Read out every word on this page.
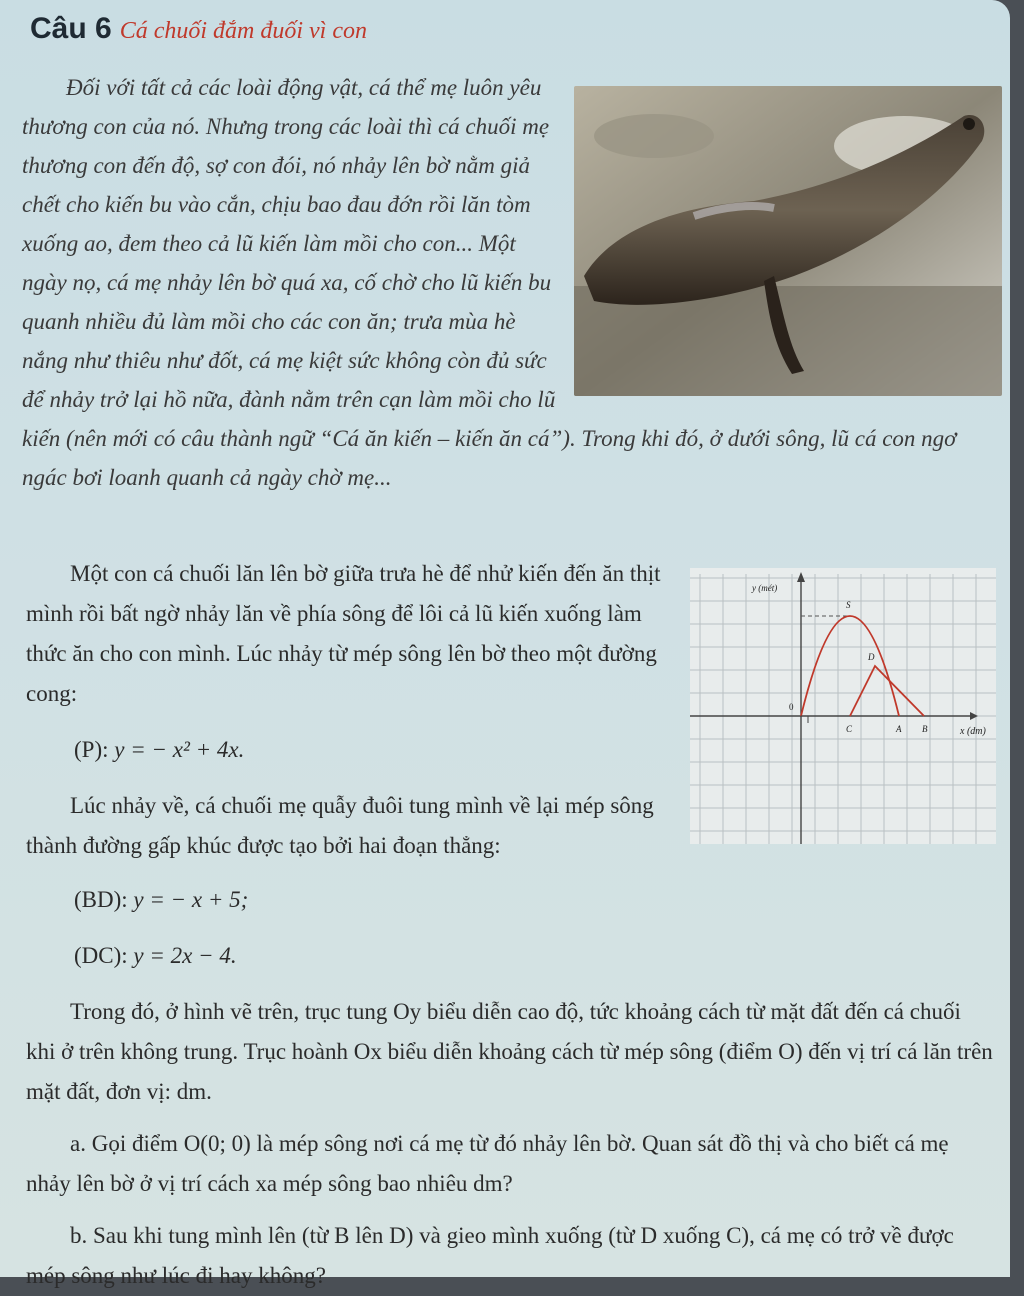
Câu 6 Cá chuối đắm đuối vì con

Đối với tất cả các loài động vật, cá thể mẹ luôn yêu thương con của nó. Nhưng trong các loài thì cá chuối mẹ thương con đến độ, sợ con đói, nó nhảy lên bờ nằm giả chết cho kiến bu vào cắn, chịu bao đau đớn rồi lăn tòm xuống ao, đem theo cả lũ kiến làm mồi cho con... Một ngày nọ, cá mẹ nhảy lên bờ quá xa, cố chờ cho lũ kiến bu quanh nhiều đủ làm mồi cho các con ăn; trưa mùa hè nắng như thiêu như đốt, cá mẹ kiệt sức không còn đủ sức để nhảy trở lại hồ nữa, đành nằm trên cạn làm mồi cho lũ kiến (nên mới có câu thành ngữ “Cá ăn kiến – kiến ăn cá”). Trong khi đó, ở dưới sông, lũ cá con ngơ ngác bơi loanh quanh cả ngày chờ mẹ...

Một con cá chuối lăn lên bờ giữa trưa hè để nhử kiến đến ăn thịt mình rồi bất ngờ nhảy lăn về phía sông để lôi cả lũ kiến xuống làm thức ăn cho con mình. Lúc nhảy từ mép sông lên bờ theo một đường cong:

(P): y = − x² + 4x.

Lúc nhảy về, cá chuối mẹ quẫy đuôi tung mình về lại mép sông thành đường gấp khúc được tạo bởi hai đoạn thẳng:

y (mét)
x (dm)
0
S
D
C	A B

(BD): y = − x + 5;

(DC): y = 2x − 4.

Trong đó, ở hình vẽ trên, trục tung Oy biểu diễn cao độ, tức khoảng cách từ mặt đất đến cá chuối khi ở trên không trung. Trục hoành Ox biểu diễn khoảng cách từ mép sông (điểm O) đến vị trí cá lăn trên mặt đất, đơn vị: dm.

a. Gọi điểm O(0; 0) là mép sông nơi cá mẹ từ đó nhảy lên bờ. Quan sát đồ thị và cho biết cá mẹ nhảy lên bờ ở vị trí cách xa mép sông bao nhiêu dm?

b. Sau khi tung mình lên (từ B lên D) và gieo mình xuống (từ D xuống C), cá mẹ có trở về được mép sông như lúc đi hay không?
